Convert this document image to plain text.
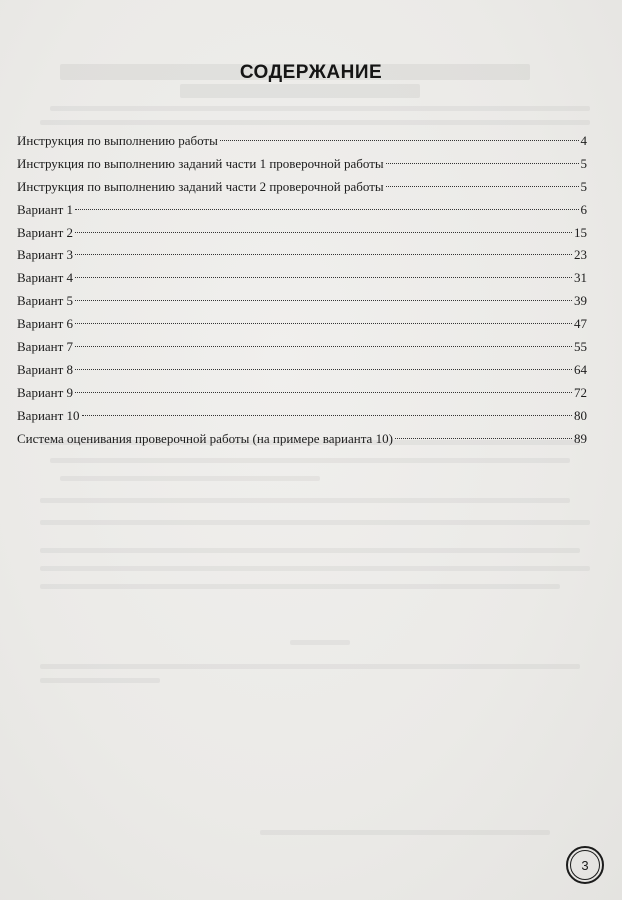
СОДЕРЖАНИЕ
Инструкция по выполнению работы	4
Инструкция по выполнению заданий части 1 проверочной работы	5
Инструкция по выполнению заданий части 2 проверочной работы	5
Вариант 1	6
Вариант 2	15
Вариант 3	23
Вариант 4	31
Вариант 5	39
Вариант 6	47
Вариант 7	55
Вариант 8	64
Вариант 9	72
Вариант 10	80
Система оценивания проверочной работы (на примере варианта 10)	89
3
